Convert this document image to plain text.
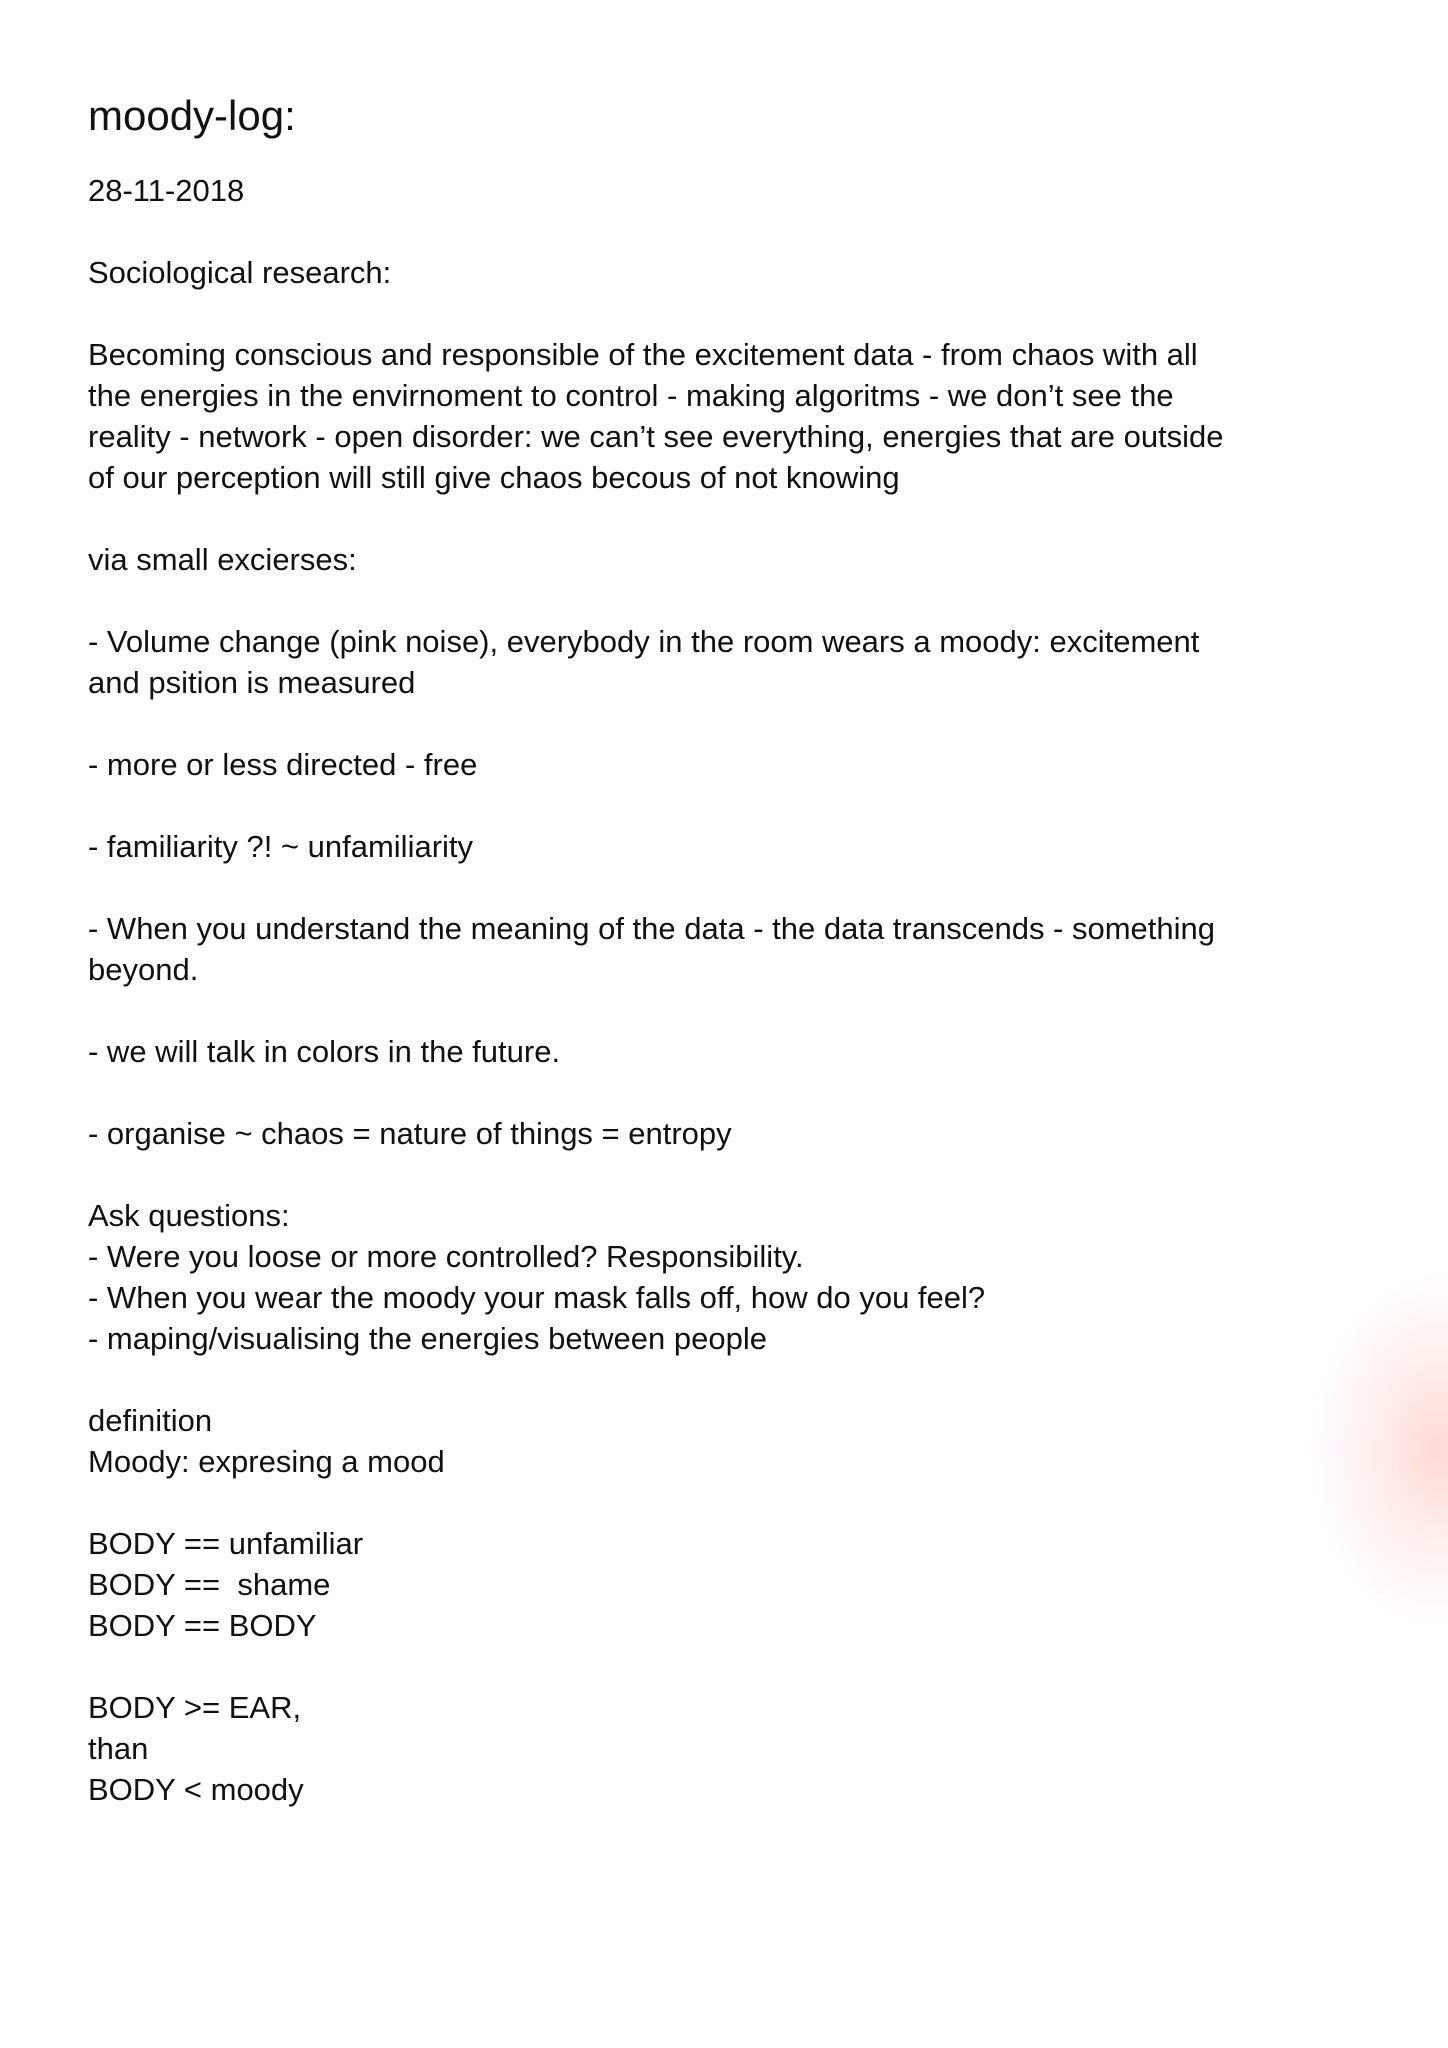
moody-log:

28-11-2018

Sociological research:

Becoming conscious and responsible of the excitement data - from chaos with all

the energies in the envirnoment to control - making algoritms - we don’t see the

reality - network - open disorder: we can’t see everything, energies that are outside

of our perception will still give chaos becous of not knowing

via small excierses:

- Volume change (pink noise), everybody in the room wears a moody: excitement

and psition is measured

- more or less directed - free

- familiarity ?! ~ unfamiliarity

- When you understand the meaning of the data - the data transcends - something

beyond.

- we will talk in colors in the future.

- organise ~ chaos = nature of things = entropy

Ask questions:

- Were you loose or more controlled? Responsibility.

- When you wear the moody your mask falls off, how do you feel?

- maping/visualising the energies between people

definition

Moody: expresing a mood

BODY == unfamiliar

BODY ==  shame

BODY == BODY

BODY >= EAR,

than

BODY < moody
